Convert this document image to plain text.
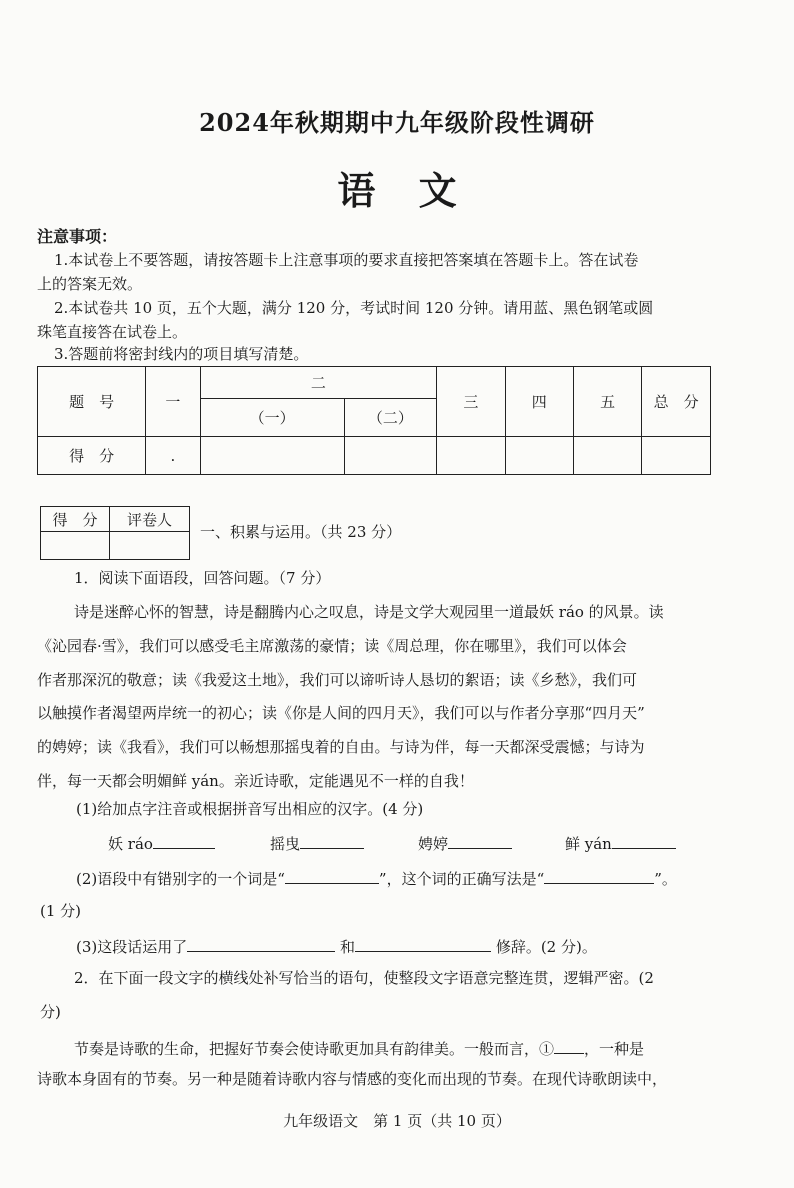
2024年秋期期中九年级阶段性调研
语 文
注意事项：
1.本试卷上不要答题，请按答题卡上注意事项的要求直接把答案填在答题卡上。答在试卷
上的答案无效。
2.本试卷共 10 页，五个大题，满分 120 分，考试时间 120 分钟。请用蓝、黑色钢笔或圆
珠笔直接答在试卷上。
3.答题前将密封线内的项目填写清楚。
题　号	一	二		三	四	五	总　分
		（一）	（二）				
得　分	.						
得　分	评卷人

一、积累与运用。（共 23 分）
1．阅读下面语段，回答问题。（7 分）
诗是迷醉心怀的智慧，诗是翻腾内心之叹息，诗是文学大观园里一道最妖 ráo 的风景。读
《沁园春·雪》，我们可以感受毛主席激荡的豪情；读《周总理，你在哪里》，我们可以体会
作者那深沉的敬意；读《我爱这土地》，我们可以谛听诗人恳切的絮语；读《乡愁》，我们可
以触摸作者渴望两岸统一的初心；读《你是人间的四月天》，我们可以与作者分享那“四月天”
的娉婷；读《我看》，我们可以畅想那摇曳着的自由。与诗为伴，每一天都深受震憾；与诗为
伴，每一天都会明媚鲜 yán。亲近诗歌，定能遇见不一样的自我！
(1)给加点字注音或根据拼音写出相应的汉字。(4 分)
妖 ráo	摇曳	娉婷	鲜 yán
(2)语段中有错别字的一个词是“	”，这个词的正确写法是“	”。
(1 分)
(3)这段话运用了	和	修辞。(2 分)。
2．在下面一段文字的横线处补写恰当的语句，使整段文字语意完整连贯，逻辑严密。(2
分)
节奏是诗歌的生命，把握好节奏会使诗歌更加具有韵律美。一般而言，① ，一种是
诗歌本身固有的节奏。另一种是随着诗歌内容与情感的变化而出现的节奏。在现代诗歌朗读中，
九年级语文　第 1 页（共 10 页）
